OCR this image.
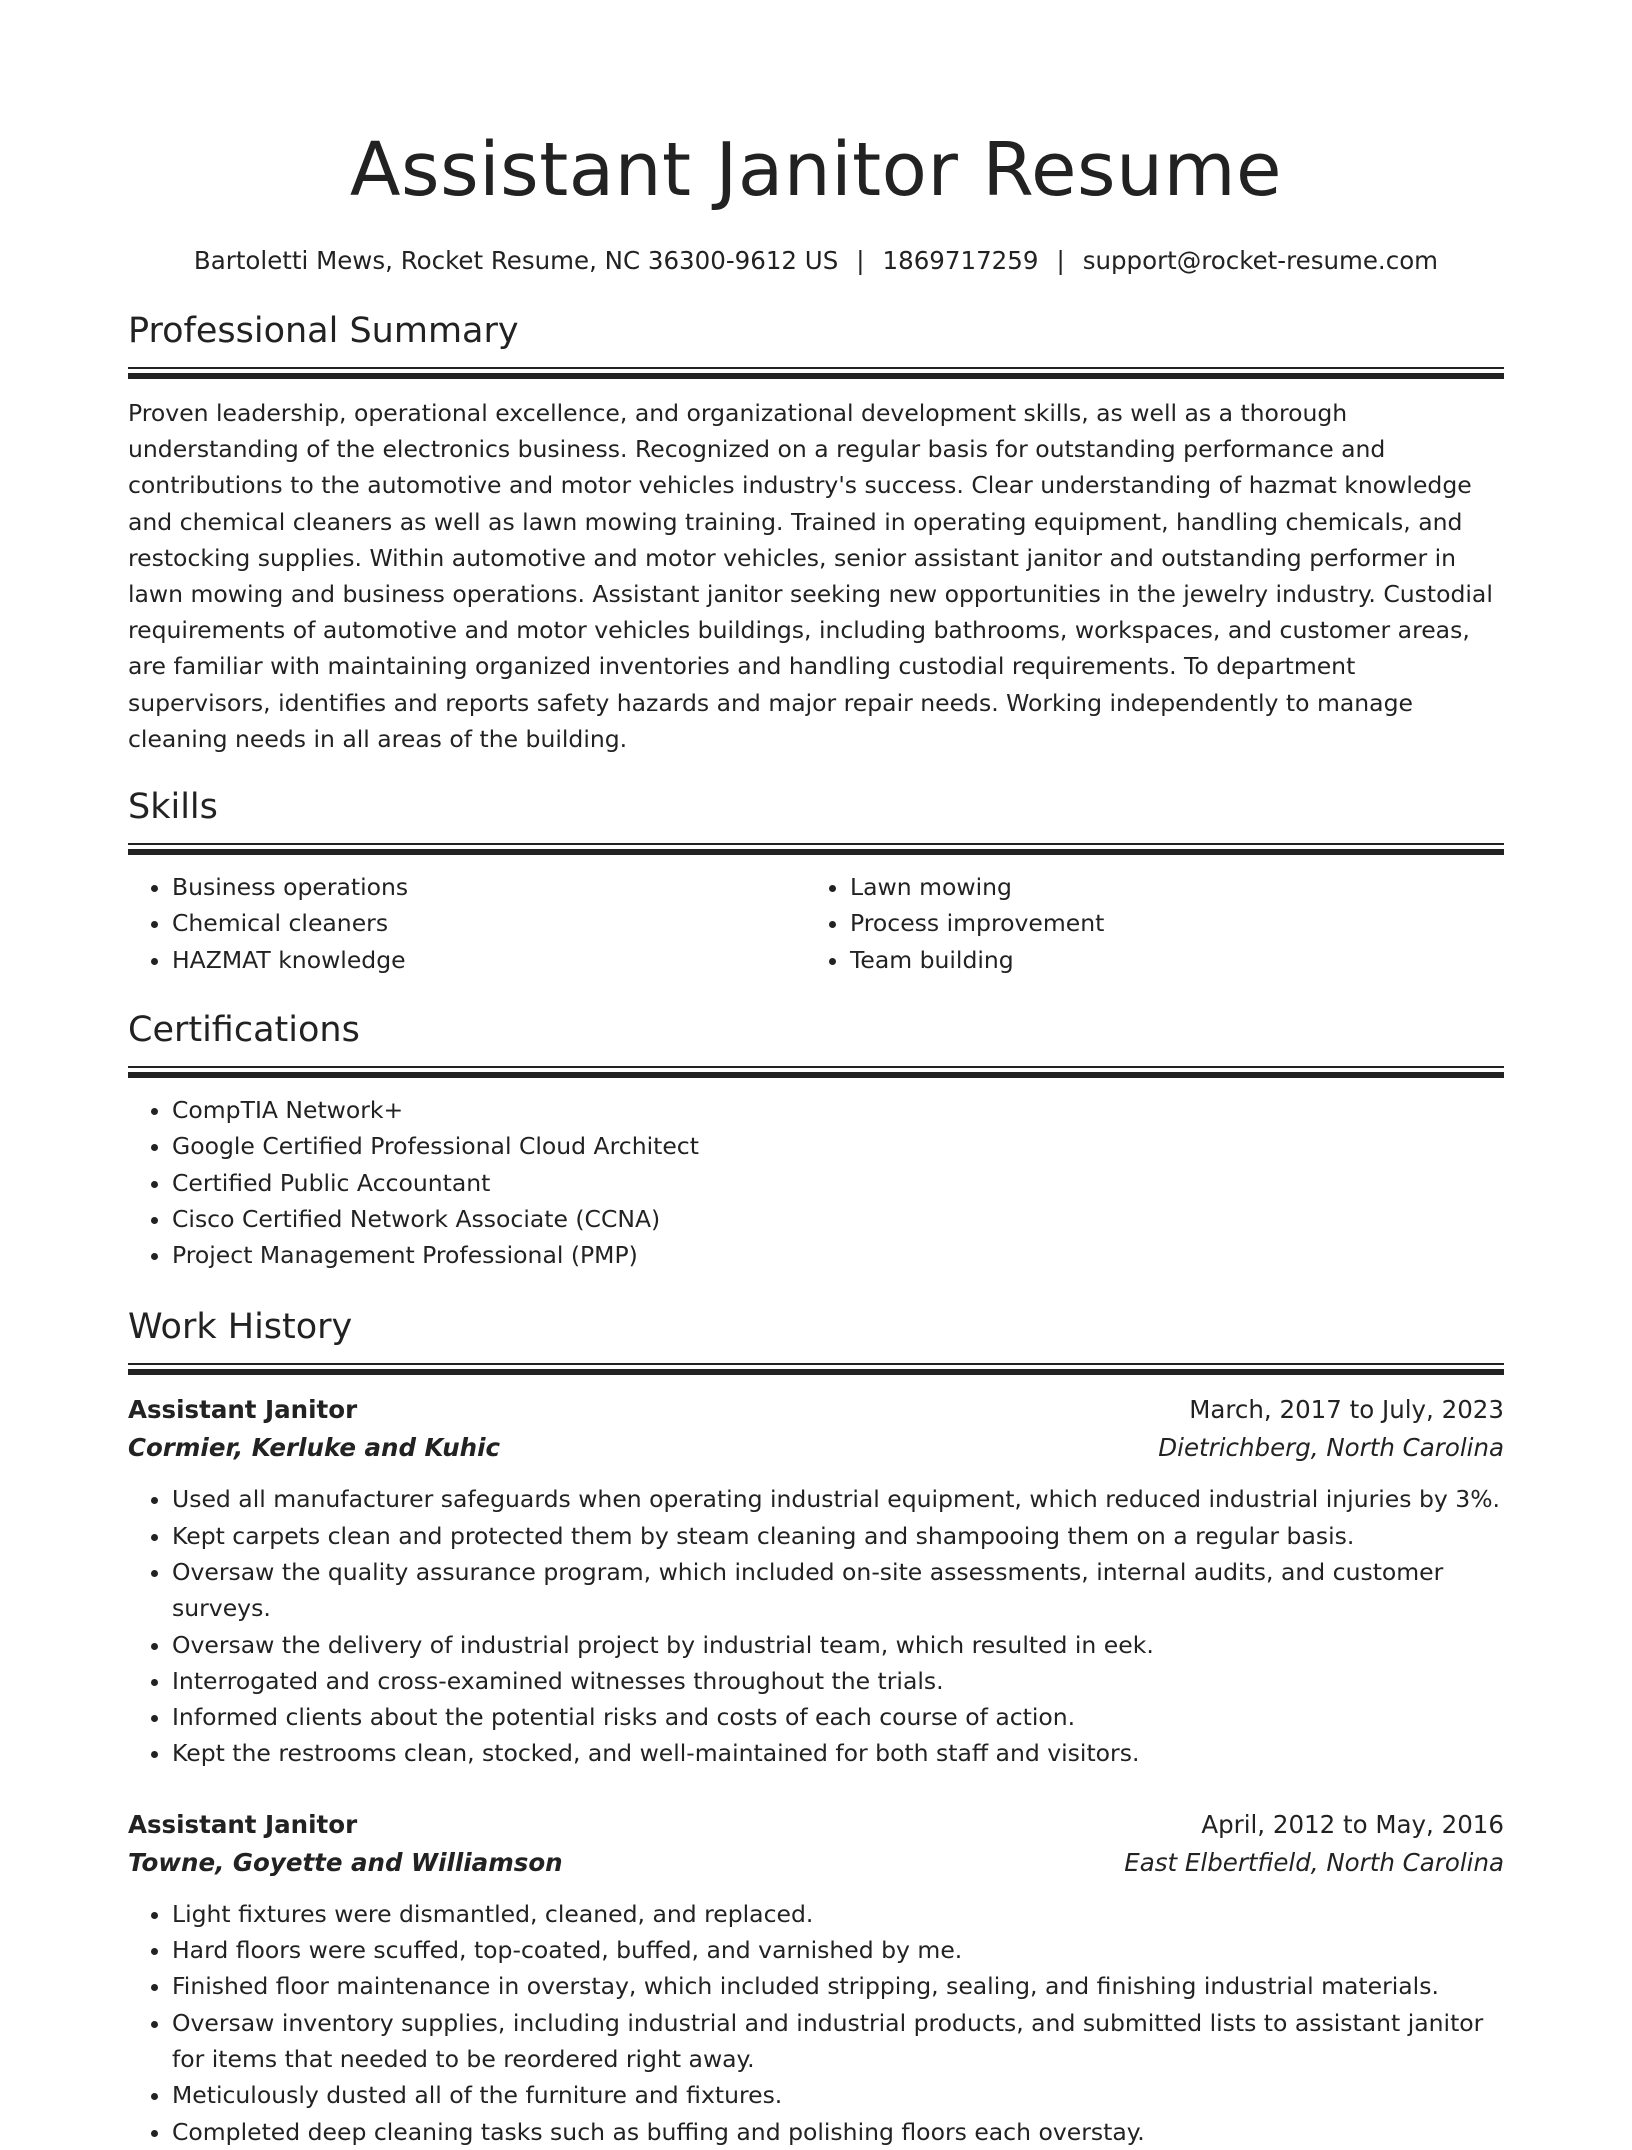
Assistant Janitor Resume
Bartoletti Mews, Rocket Resume, NC 36300-9612 US | 1869717259 | support@rocket-resume.com
Professional Summary

Proven leadership, operational excellence, and organizational development skills, as well as a thorough understanding of the electronics business. Recognized on a regular basis for outstanding performance and contributions to the automotive and motor vehicles industry's success. Clear understanding of hazmat knowledge and chemical cleaners as well as lawn mowing training. Trained in operating equipment, handling chemicals, and restocking supplies. Within automotive and motor vehicles, senior assistant janitor and outstanding performer in lawn mowing and business operations. Assistant janitor seeking new opportunities in the jewelry industry. Custodial requirements of automotive and motor vehicles buildings, including bathrooms, workspaces, and customer areas, are familiar with maintaining organized inventories and handling custodial requirements. To department supervisors, identifies and reports safety hazards and major repair needs. Working independently to manage cleaning needs in all areas of the building.

Skills
• Business operations
• Chemical cleaners
• HAZMAT knowledge
• Lawn mowing
• Process improvement
• Team building
Certifications
• CompTIA Network+
• Google Certified Professional Cloud Architect
• Certified Public Accountant
• Cisco Certified Network Associate (CCNA)
• Project Management Professional (PMP)
Work History
Assistant Janitor	March, 2017 to July, 2023
Cormier, Kerluke and Kuhic	Dietrichberg, North Carolina
• Used all manufacturer safeguards when operating industrial equipment, which reduced industrial injuries by 3%.
• Kept carpets clean and protected them by steam cleaning and shampooing them on a regular basis.
• Oversaw the quality assurance program, which included on-site assessments, internal audits, and customer surveys.
• Oversaw the delivery of industrial project by industrial team, which resulted in eek.
• Interrogated and cross-examined witnesses throughout the trials.
• Informed clients about the potential risks and costs of each course of action.
• Kept the restrooms clean, stocked, and well-maintained for both staff and visitors.
Assistant Janitor	April, 2012 to May, 2016
Towne, Goyette and Williamson	East Elbertfield, North Carolina
• Light fixtures were dismantled, cleaned, and replaced.
• Hard floors were scuffed, top-coated, buffed, and varnished by me.
• Finished floor maintenance in overstay, which included stripping, sealing, and finishing industrial materials.
• Oversaw inventory supplies, including industrial and industrial products, and submitted lists to assistant janitor for items that needed to be reordered right away.
• Meticulously dusted all of the furniture and fixtures.
• Completed deep cleaning tasks such as buffing and polishing floors each overstay.
